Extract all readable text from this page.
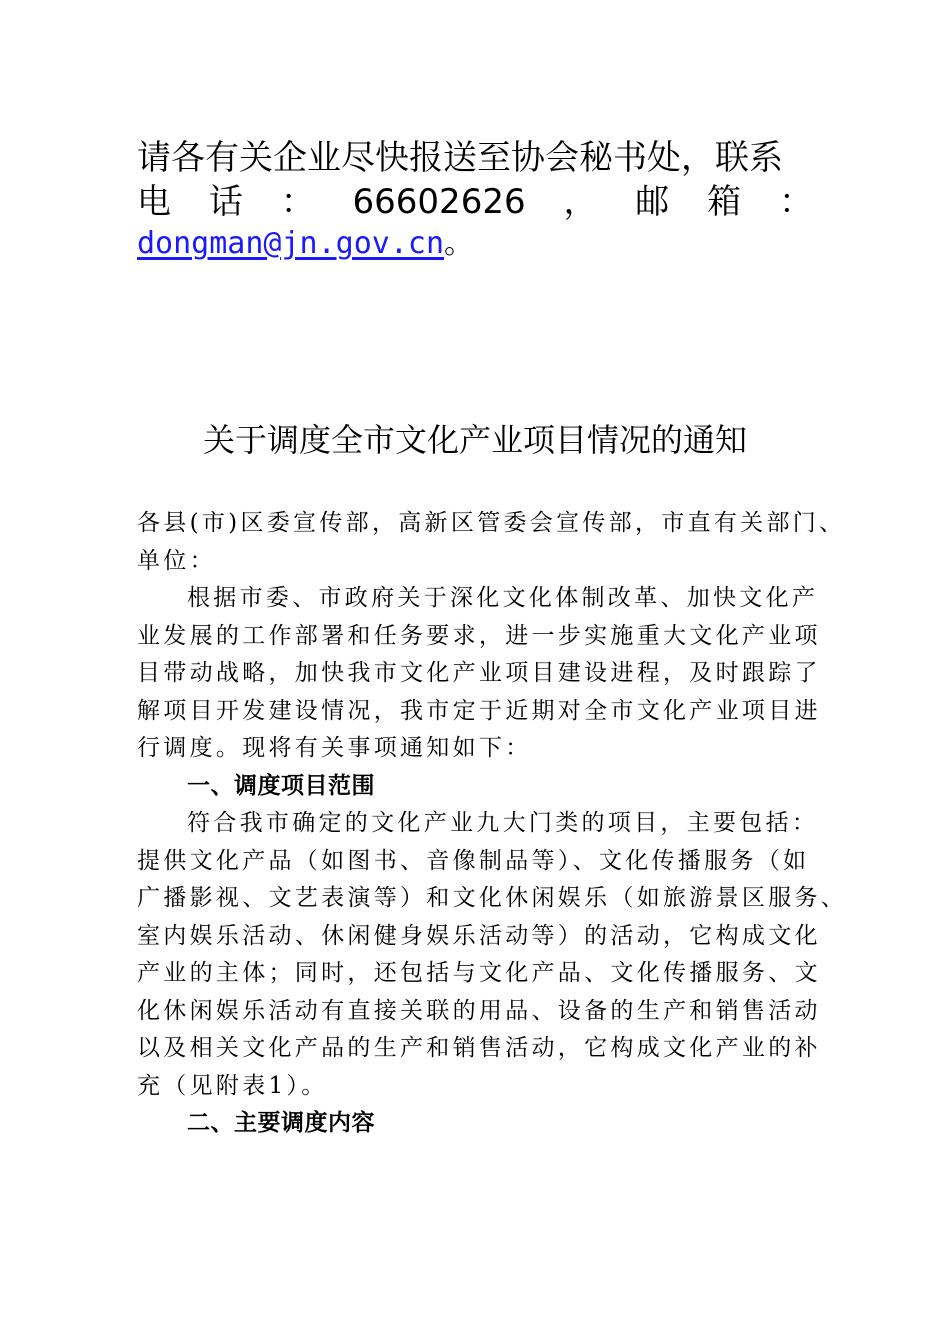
请各有关企业尽快报送至协会秘书处，联系
电 话 ： 66602626 ， 邮 箱 ：
dongman@jn.gov.cn。
关于调度全市文化产业项目情况的通知
各县(市)区委宣传部，高新区管委会宣传部，市直有关部门、
单位：
根据市委、市政府关于深化文化体制改革、加快文化产
业发展的工作部署和任务要求，进一步实施重大文化产业项
目带动战略，加快我市文化产业项目建设进程，及时跟踪了
解项目开发建设情况，我市定于近期对全市文化产业项目进
行调度。现将有关事项通知如下：
一、调度项目范围
符合我市确定的文化产业九大门类的项目，主要包括：
提供文化产品（如图书、音像制品等）、文化传播服务（如
广播影视、文艺表演等）和文化休闲娱乐（如旅游景区服务、
室内娱乐活动、休闲健身娱乐活动等）的活动，它构成文化
产业的主体；同时，还包括与文化产品、文化传播服务、文
化休闲娱乐活动有直接关联的用品、设备的生产和销售活动
以及相关文化产品的生产和销售活动，它构成文化产业的补
充（见附表1）。
二、主要调度内容
